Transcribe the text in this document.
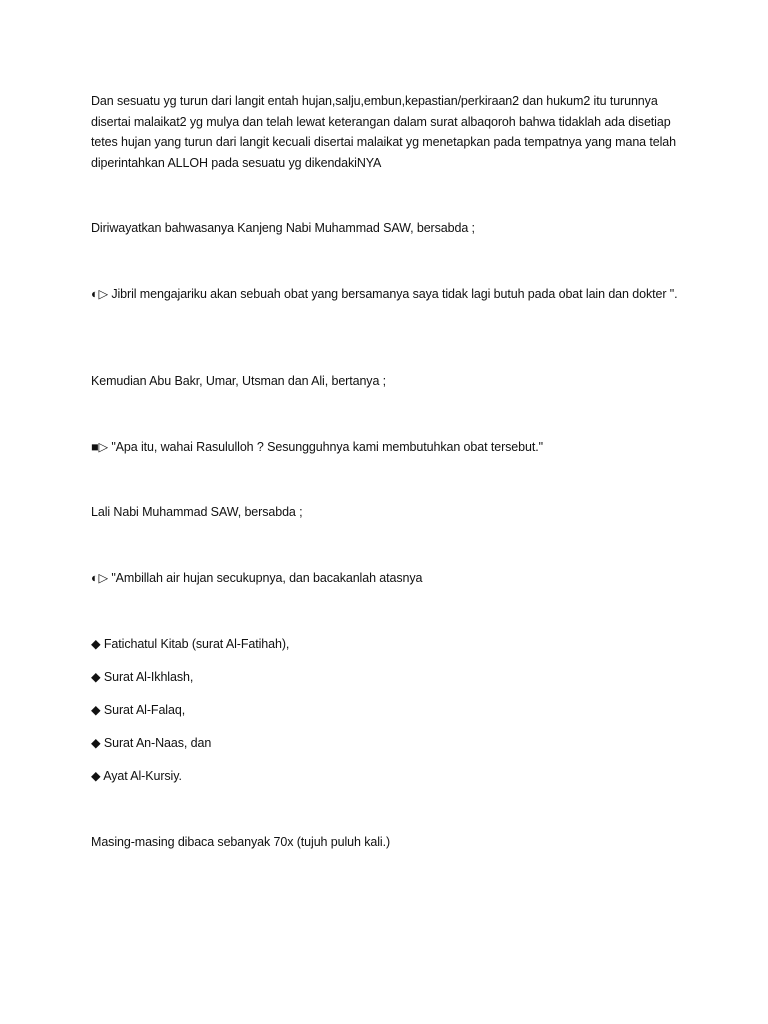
Dan sesuatu yg turun dari langit entah hujan,salju,embun,kepastian/perkiraan2 dan hukum2 itu turunnya disertai malaikat2 yg mulya dan telah lewat keterangan dalam surat albaqoroh bahwa tidaklah ada disetiap tetes hujan yang turun dari langit kecuali disertai malaikat yg menetapkan pada tempatnya yang mana telah diperintahkan ALLOH pada sesuatu yg dikendakiNYA

Diriwayatkan bahwasanya Kanjeng Nabi Muhammad SAW, bersabda ;

◐▷ Jibril mengajariku akan sebuah obat yang bersamanya saya tidak lagi butuh pada obat lain dan dokter ".

Kemudian Abu Bakr, Umar, Utsman dan Ali, bertanya ;

■▷ "Apa itu, wahai Rasululloh ? Sesungguhnya kami membutuhkan obat tersebut."

Lali Nabi Muhammad SAW, bersabda ;

◐▷ "Ambillah air hujan secukupnya, dan bacakanlah atasnya

◆ Fatichatul Kitab (surat Al-Fatihah),

◆ Surat Al-Ikhlash,

◆ Surat Al-Falaq,

◆ Surat An-Naas, dan

◆ Ayat Al-Kursiy.

Masing-masing dibaca sebanyak 70x (tujuh puluh kali.)
